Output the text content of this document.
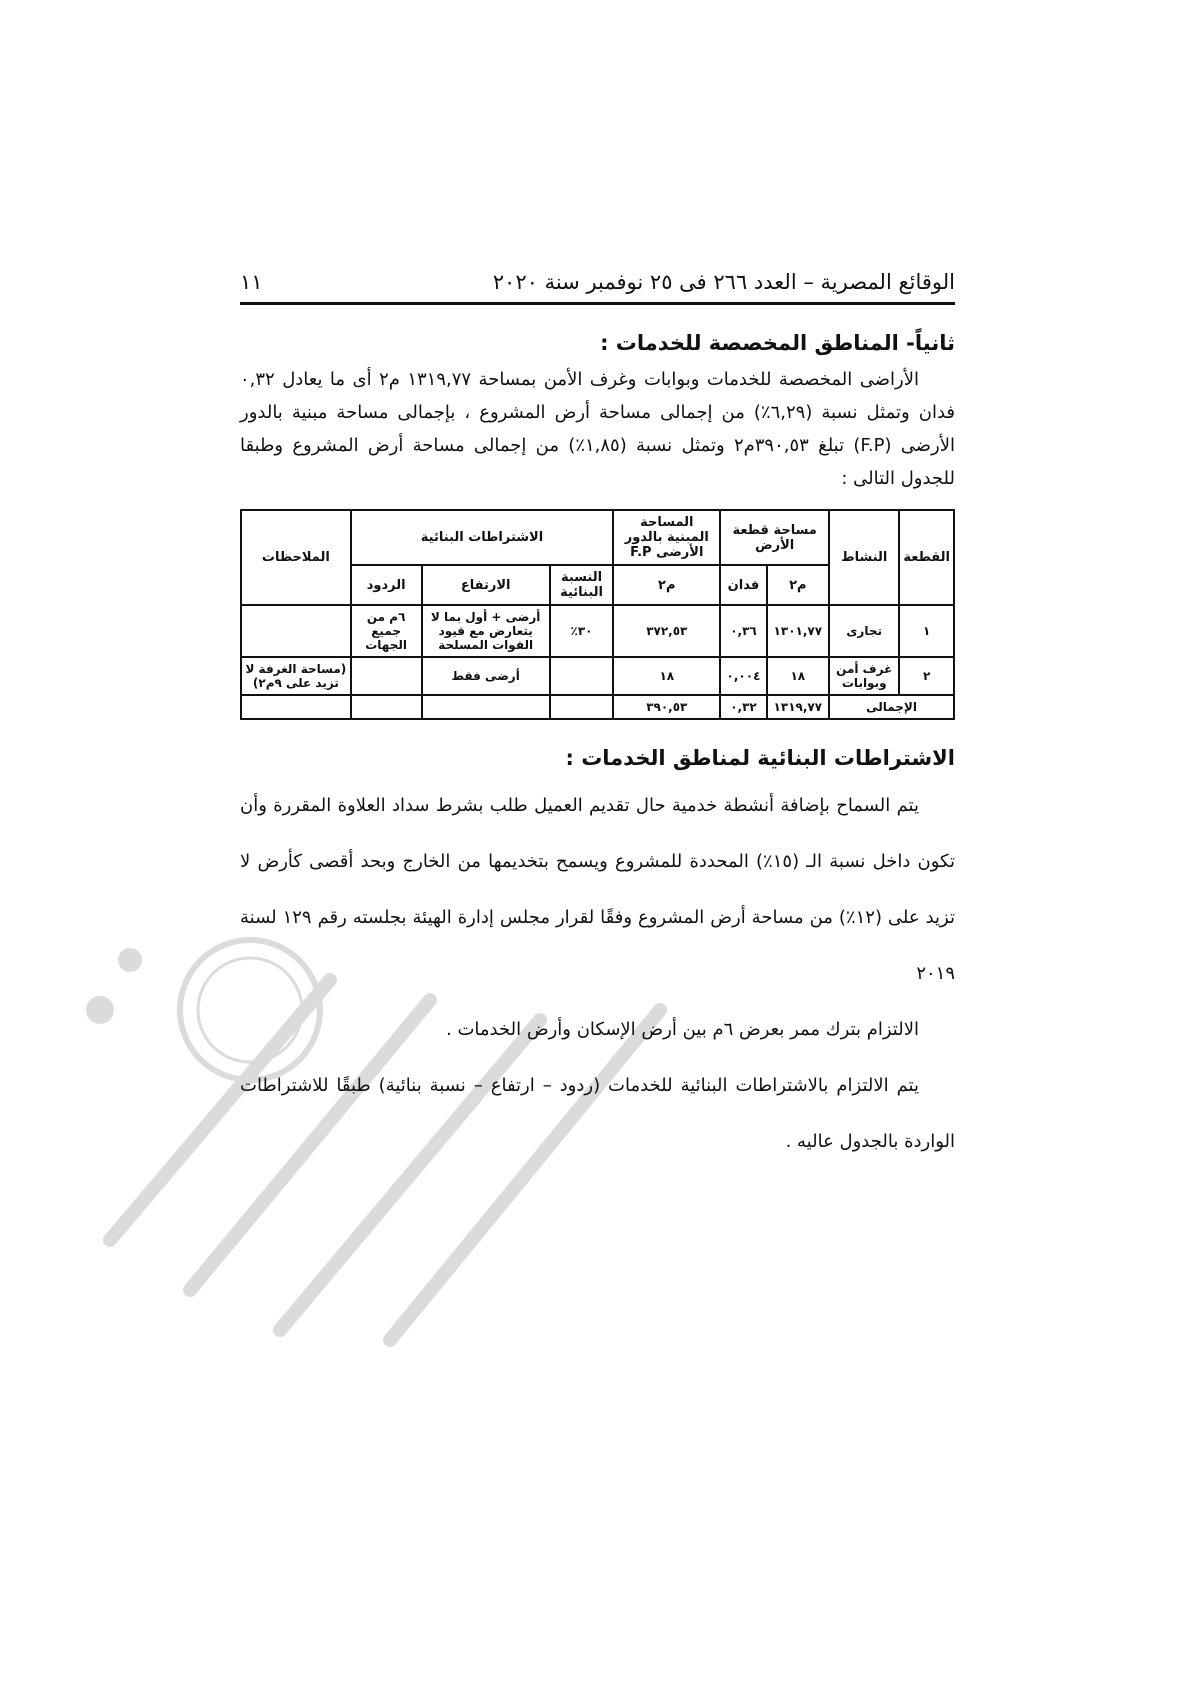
الوقائع المصرية – العدد ٢٦٦ فى ٢٥ نوفمبر سنة ٢٠٢٠
١١
ثانياً- المناطق المخصصة للخدمات :

الأراضى المخصصة للخدمات وبوابات وغرف الأمن بمساحة ١٣١٩,٧٧ م٢ أى ما يعادل ٠,٣٢ فدان وتمثل نسبة (٦,٢٩٪) من إجمالى مساحة أرض المشروع ، بإجمالى مساحة مبنية بالدور الأرضى (F.P) تبلغ ٣٩٠,٥٣م٢ وتمثل نسبة (١,٨٥٪) من إجمالى مساحة أرض المشروع وطبقا للجدول التالى :

القطعة	النشاط	مساحة قطعة الأرض		المساحة المبنية بالدور الأرضى F.P	الاشتراطات البنائية			الملاحظات
		م٢	فدان	م٢	النسبة البنائية	الارتفاع	الردود	
١	تجارى	١٣٠١,٧٧	٠,٣٦	٣٧٢,٥٣	٣٠٪	أرضى + أول بما لا يتعارض مع قيود القوات المسلحة	٦م من جميع الجهات	
٢	غرف أمن وبوابات	١٨	٠,٠٠٤	١٨		أرضى فقط		(مساحة الغرفة لا تزيد على ٩م٢)
الإجمالى		١٣١٩,٧٧	٠,٣٢	٣٩٠,٥٣				
الاشتراطات البنائية لمناطق الخدمات :

يتم السماح بإضافة أنشطة خدمية حال تقديم العميل طلب بشرط سداد العلاوة المقررة وأن تكون داخل نسبة الـ (١٥٪) المحددة للمشروع ويسمح بتخديمها من الخارج وبحد أقصى كأرض لا تزيد على (١٢٪) من مساحة أرض المشروع وفقًا لقرار مجلس إدارة الهيئة بجلسته رقم ١٢٩ لسنة ٢٠١٩

الالتزام بترك ممر بعرض ٦م بين أرض الإسكان وأرض الخدمات .

يتم الالتزام بالاشتراطات البنائية للخدمات (ردود – ارتفاع – نسبة بنائية) طبقًا للاشتراطات الواردة بالجدول عاليه .
